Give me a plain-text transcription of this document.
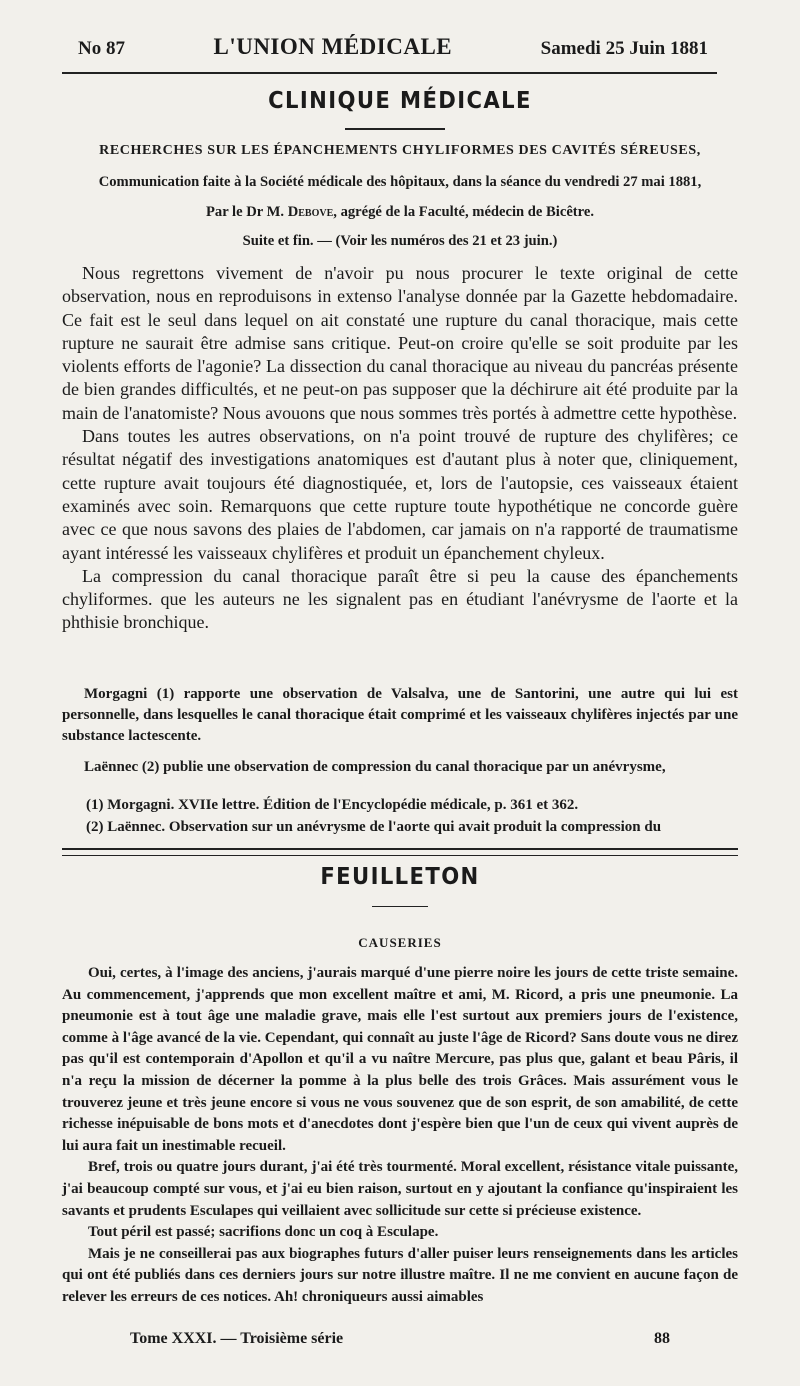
No 87	L'UNION MÉDICALE	Samedi 25 Juin 1881
CLINIQUE MÉDICALE
RECHERCHES SUR LES ÉPANCHEMENTS CHYLIFORMES DES CAVITÉS SÉREUSES,
Communication faite à la Société médicale des hôpitaux, dans la séance du vendredi 27 mai 1881,
Par le Dr M. Debove, agrégé de la Faculté, médecin de Bicêtre.
Suite et fin. — (Voir les numéros des 21 et 23 juin.)

Nous regrettons vivement de n'avoir pu nous procurer le texte original de cette observation, nous en reproduisons in extenso l'analyse donnée par la Gazette hebdomadaire. Ce fait est le seul dans lequel on ait constaté une rupture du canal thoracique, mais cette rupture ne saurait être admise sans critique. Peut-on croire qu'elle se soit produite par les violents efforts de l'agonie? La dissection du canal thoracique au niveau du pancréas présente de bien grandes difficultés, et ne peut-on pas supposer que la déchirure ait été produite par la main de l'anatomiste? Nous avouons que nous sommes très portés à admettre cette hypothèse.

Dans toutes les autres observations, on n'a point trouvé de rupture des chylifères; ce résultat négatif des investigations anatomiques est d'autant plus à noter que, cliniquement, cette rupture avait toujours été diagnostiquée, et, lors de l'autopsie, ces vaisseaux étaient examinés avec soin. Remarquons que cette rupture toute hypothétique ne concorde guère avec ce que nous savons des plaies de l'abdomen, car jamais on n'a rapporté de traumatisme ayant intéressé les vaisseaux chylifères et produit un épanchement chyleux.

La compression du canal thoracique paraît être si peu la cause des épanchements chyliformes. que les auteurs ne les signalent pas en étudiant l'anévrysme de l'aorte et la phthisie bronchique.

Morgagni (1) rapporte une observation de Valsalva, une de Santorini, une autre qui lui est personnelle, dans lesquelles le canal thoracique était comprimé et les vaisseaux chylifères injectés par une substance lactescente.

Laënnec (2) publie une observation de compression du canal thoracique par un anévrysme,

(1) Morgagni. XVIIe lettre. Édition de l'Encyclopédie médicale, p. 361 et 362.

(2) Laënnec. Observation sur un anévrysme de l'aorte qui avait produit la compression du

FEUILLETON
CAUSERIES

Oui, certes, à l'image des anciens, j'aurais marqué d'une pierre noire les jours de cette triste semaine. Au commencement, j'apprends que mon excellent maître et ami, M. Ricord, a pris une pneumonie. La pneumonie est à tout âge une maladie grave, mais elle l'est surtout aux premiers jours de l'existence, comme à l'âge avancé de la vie. Cependant, qui connaît au juste l'âge de Ricord? Sans doute vous ne direz pas qu'il est contemporain d'Apollon et qu'il a vu naître Mercure, pas plus que, galant et beau Pâris, il n'a reçu la mission de décerner la pomme à la plus belle des trois Grâces. Mais assurément vous le trouverez jeune et très jeune encore si vous ne vous souvenez que de son esprit, de son amabilité, de cette richesse inépuisable de bons mots et d'anecdotes dont j'espère bien que l'un de ceux qui vivent auprès de lui aura fait un inestimable recueil.

Bref, trois ou quatre jours durant, j'ai été très tourmenté. Moral excellent, résistance vitale puissante, j'ai beaucoup compté sur vous, et j'ai eu bien raison, surtout en y ajoutant la confiance qu'inspiraient les savants et prudents Esculapes qui veillaient avec sollicitude sur cette si précieuse existence.

Tout péril est passé; sacrifions donc un coq à Esculape.

Mais je ne conseillerai pas aux biographes futurs d'aller puiser leurs renseignements dans les articles qui ont été publiés dans ces derniers jours sur notre illustre maître. Il ne me convient en aucune façon de relever les erreurs de ces notices. Ah! chroniqueurs aussi aimables

Tome XXXI. — Troisième série	88
